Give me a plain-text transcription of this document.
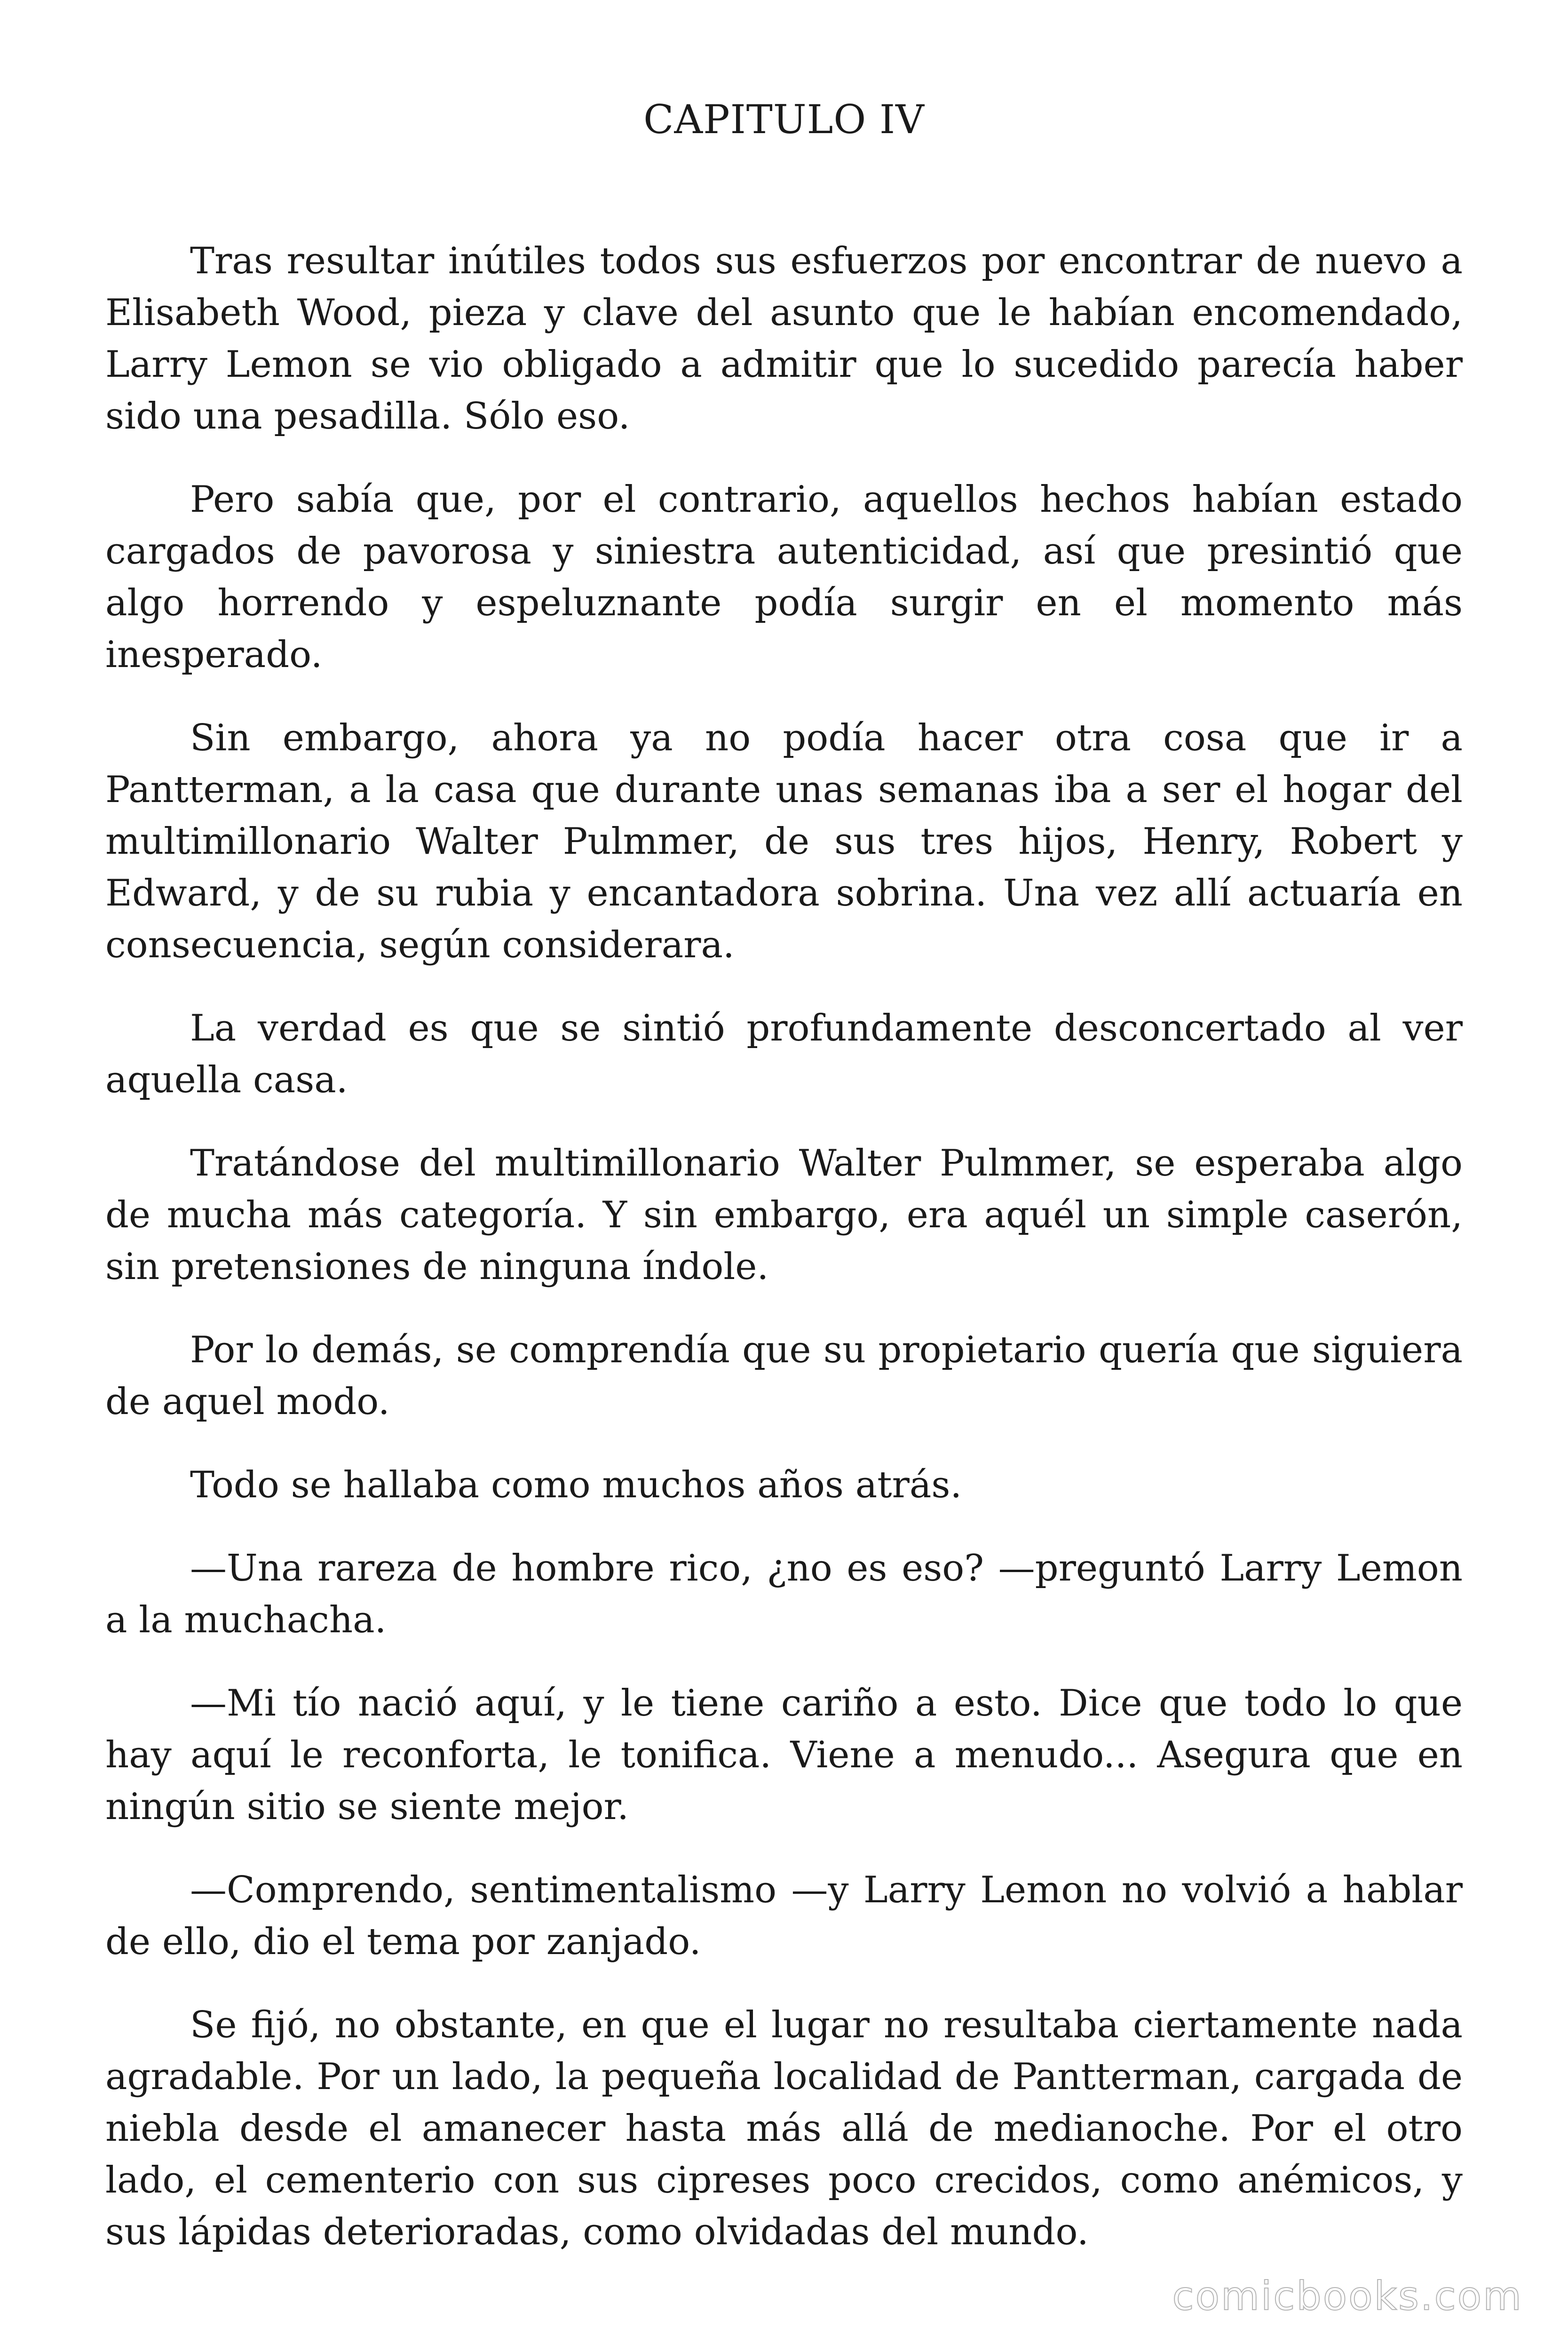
CAPITULO IV

Tras resultar inútiles todos sus esfuerzos por encontrar de nuevo a Elisabeth Wood, pieza y clave del asunto que le habían encomendado, Larry Lemon se vio obligado a admitir que lo sucedido parecía haber sido una pesadilla. Sólo eso.

Pero sabía que, por el contrario, aquellos hechos habían estado cargados de pavorosa y siniestra autenticidad, así que presintió que algo horrendo y espeluznante podía surgir en el momento más inesperado.

Sin embargo, ahora ya no podía hacer otra cosa que ir a Pantterman, a la casa que durante unas semanas iba a ser el hogar del multimillonario Walter Pulmmer, de sus tres hijos, Henry, Robert y Edward, y de su rubia y encantadora sobrina. Una vez allí actuaría en consecuencia, según considerara.

La verdad es que se sintió profundamente desconcertado al ver aquella casa.

Tratándose del multimillonario Walter Pulmmer, se esperaba algo de mucha más categoría. Y sin embargo, era aquél un simple caserón, sin pretensiones de ninguna índole.

Por lo demás, se comprendía que su propietario quería que siguiera de aquel modo.

Todo se hallaba como muchos años atrás.

—Una rareza de hombre rico, ¿no es eso? —preguntó Larry Lemon a la muchacha.

—Mi tío nació aquí, y le tiene cariño a esto. Dice que todo lo que hay aquí le reconforta, le tonifica. Viene a menudo... Asegura que en ningún sitio se siente mejor.

—Comprendo, sentimentalismo —y Larry Lemon no volvió a hablar de ello, dio el tema por zanjado.

Se fijó, no obstante, en que el lugar no resultaba ciertamente nada agradable. Por un lado, la pequeña localidad de Pantterman, cargada de niebla desde el amanecer hasta más allá de medianoche. Por el otro lado, el cementerio con sus cipreses poco crecidos, como anémicos, y sus lápidas deterioradas, como olvidadas del mundo.

comicbooks.com
